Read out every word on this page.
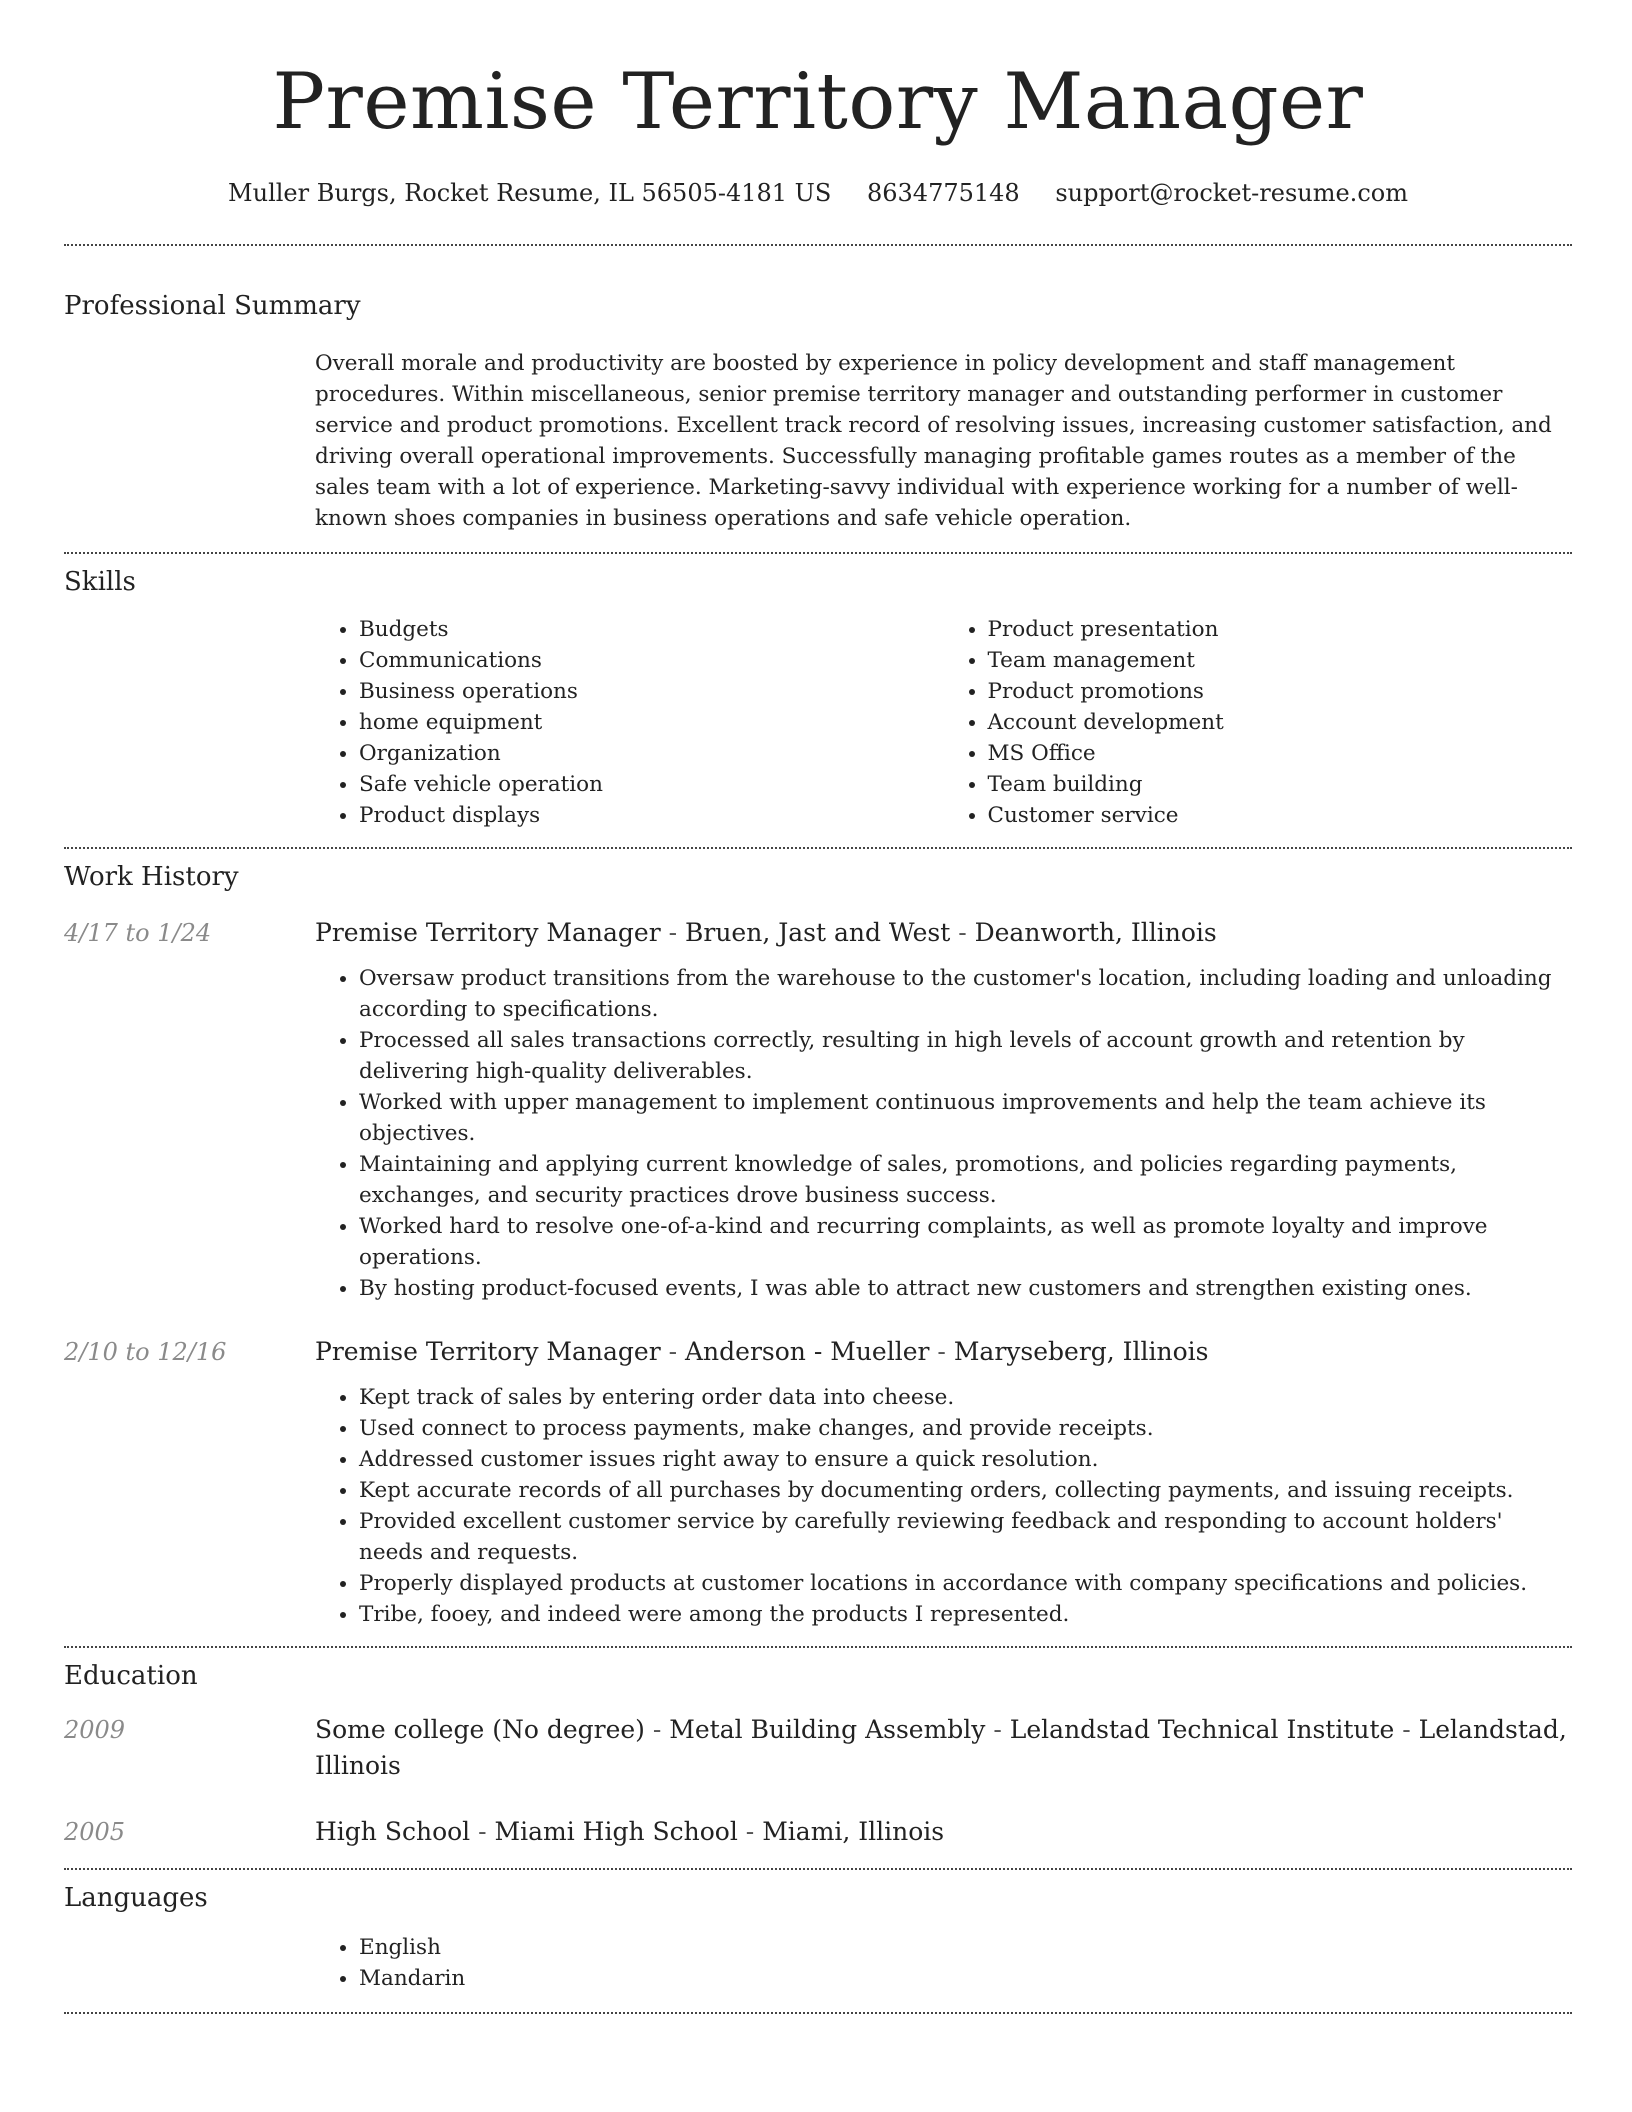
Premise Territory Manager
Muller Burgs, Rocket Resume, IL 56505-4181 US 8634775148 support@rocket-resume.com
Professional Summary
Overall morale and productivity are boosted by experience in policy development and staff management procedures. Within miscellaneous, senior premise territory manager and outstanding performer in customer service and product promotions. Excellent track record of resolving issues, increasing customer satisfaction, and driving overall operational improvements. Successfully managing profitable games routes as a member of the sales team with a lot of experience. Marketing-savvy individual with experience working for a number of well-known shoes companies in business operations and safe vehicle operation.
Skills
• Budgets
• Communications
• Business operations
• home equipment
• Organization
• Safe vehicle operation
• Product displays
• Product presentation
• Team management
• Product promotions
• Account development
• MS Office
• Team building
• Customer service
Work History
4/17 to 1/24	Premise Territory Manager - Bruen, Jast and West - Deanworth, Illinois
• Oversaw product transitions from the warehouse to the customer's location, including loading and unloading according to specifications.
• Processed all sales transactions correctly, resulting in high levels of account growth and retention by delivering high-quality deliverables.
• Worked with upper management to implement continuous improvements and help the team achieve its objectives.
• Maintaining and applying current knowledge of sales, promotions, and policies regarding payments, exchanges, and security practices drove business success.
• Worked hard to resolve one-of-a-kind and recurring complaints, as well as promote loyalty and improve operations.
• By hosting product-focused events, I was able to attract new customers and strengthen existing ones.
2/10 to 12/16	Premise Territory Manager - Anderson - Mueller - Maryseberg, Illinois
• Kept track of sales by entering order data into cheese.
• Used connect to process payments, make changes, and provide receipts.
• Addressed customer issues right away to ensure a quick resolution.
• Kept accurate records of all purchases by documenting orders, collecting payments, and issuing receipts.
• Provided excellent customer service by carefully reviewing feedback and responding to account holders' needs and requests.
• Properly displayed products at customer locations in accordance with company specifications and policies.
• Tribe, fooey, and indeed were among the products I represented.
Education
2009	Some college (No degree) - Metal Building Assembly - Lelandstad Technical Institute - Lelandstad, Illinois
2005	High School - Miami High School - Miami, Illinois
Languages
• English
• Mandarin
